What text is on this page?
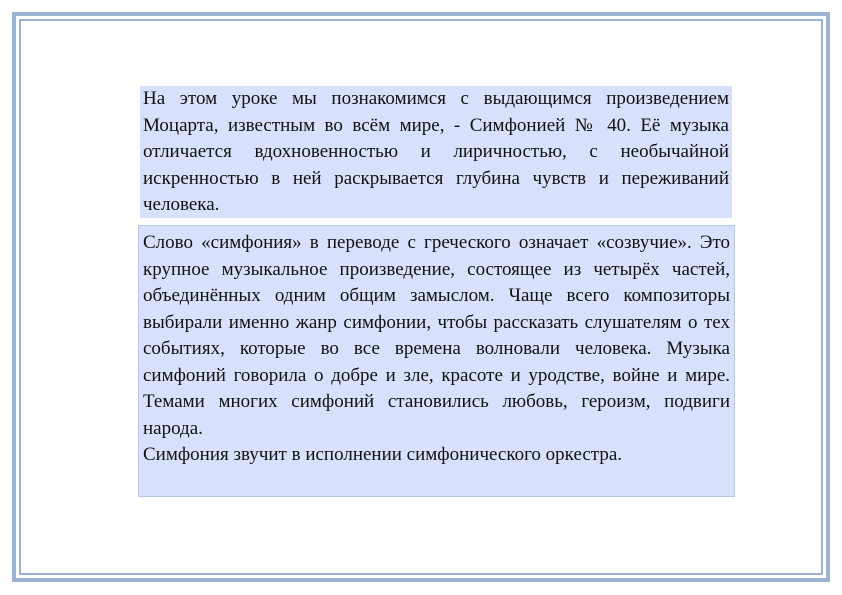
На этом уроке мы познакомимся с выдающимся произведением Моцарта, известным во всём мире, - Симфонией № 40. Её музыка отличается вдохновенностью и лиричностью, с необычайной искренностью в ней раскрывается глубина чувств и переживаний человека.

Слово «симфония» в переводе с греческого означает «созвучие». Это крупное музыкальное произведение, состоящее из четырёх частей, объединённых одним общим замыслом. Чаще всего композиторы выбирали именно жанр симфонии, чтобы рассказать слушателям о тех событиях, которые во все времена волновали человека. Музыка симфоний говорила о добре и зле, красоте и уродстве, войне и мире. Темами многих симфоний становились любовь, героизм, подвиги народа.

Симфония звучит в исполнении симфонического оркестра.
